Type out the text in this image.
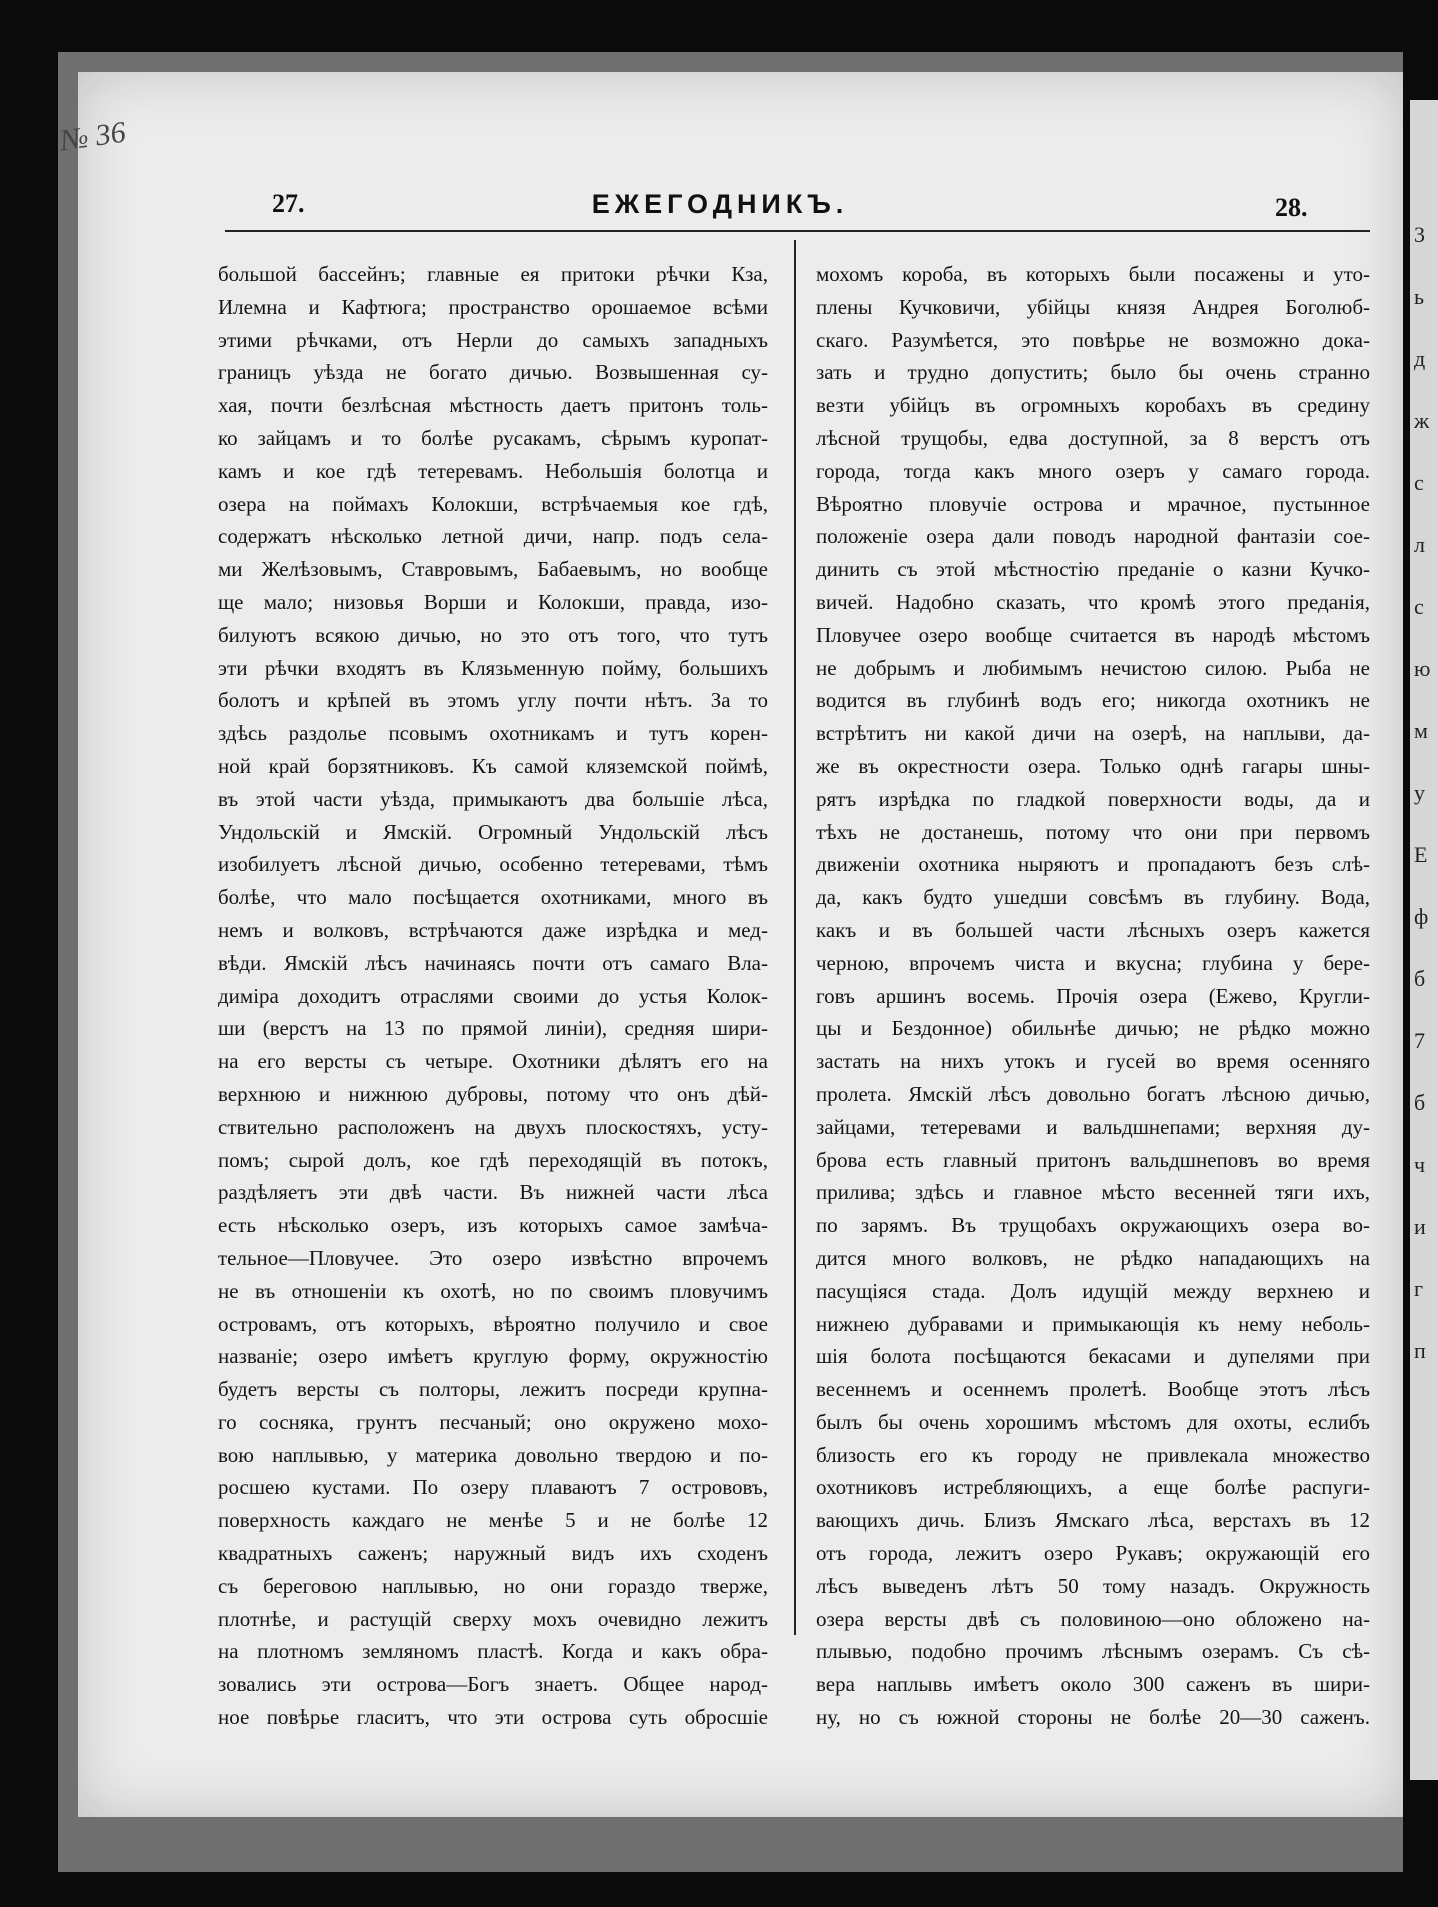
3
ь
д
ж
с
л
с
ю
м
у
Е
ф
б
7
б
ч
и
г
п
№ 36
27.	ЕЖЕГОДНИКЪ.	28.
большой бассейнъ; главные ея притоки рѣчки Кза,
Илемна и Кафтюга; пространство орошаемое всѣми
этими рѣчками, отъ Нерли до самыхъ западныхъ
границъ уѣзда не богато дичью. Возвышенная су-
хая, почти безлѣсная мѣстность даетъ притонъ толь-
ко зайцамъ и то болѣе русакамъ, сѣрымъ куропат-
камъ и кое гдѣ тетеревамъ. Небольшія болотца и
озера на поймахъ Колокши, встрѣчаемыя кое гдѣ,
содержатъ нѣсколько летной дичи, напр. подъ села-
ми Желѣзовымъ, Ставровымъ, Бабаевымъ, но вообще
ще мало; низовья Ворши и Колокши, правда, изо-
билуютъ всякою дичью, но это отъ того, что тутъ
эти рѣчки входятъ въ Клязьменную пойму, большихъ
болотъ и крѣпей въ этомъ углу почти нѣтъ. За то
здѣсь раздолье псовымъ охотникамъ и тутъ корен-
ной край борзятниковъ. Къ самой кляземской поймѣ,
въ этой части уѣзда, примыкаютъ два большіе лѣса,
Ундольскій и Ямскій. Огромный Ундольскій лѣсъ
изобилуетъ лѣсной дичью, особенно тетеревами, тѣмъ
болѣе, что мало посѣщается охотниками, много въ
немъ и волковъ, встрѣчаются даже изрѣдка и мед-
вѣди. Ямскій лѣсъ начинаясь почти отъ самаго Вла-
диміра доходитъ отраслями своими до устья Колок-
ши (верстъ на 13 по прямой линіи), средняя шири-
на его версты съ четыре. Охотники дѣлятъ его на
верхнюю и нижнюю дубровы, потому что онъ дѣй-
ствительно расположенъ на двухъ плоскостяхъ, усту-
помъ; сырой долъ, кое гдѣ переходящій въ потокъ,
раздѣляетъ эти двѣ части. Въ нижней части лѣса
есть нѣсколько озеръ, изъ которыхъ самое замѣча-
тельное—Пловучее. Это озеро извѣстно впрочемъ
не въ отношеніи къ охотѣ, но по своимъ пловучимъ
островамъ, отъ которыхъ, вѣроятно получило и свое
названіе; озеро имѣетъ круглую форму, окружностію
будетъ версты съ полторы, лежитъ посреди крупна-
го сосняка, грунтъ песчаный; оно окружено мохо-
вою наплывью, у материка довольно твердою и по-
росшею кустами. По озеру плаваютъ 7 острововъ,
поверхность каждаго не менѣе 5 и не болѣе 12
квадратныхъ саженъ; наружный видъ ихъ сходенъ
съ береговою наплывью, но они гораздо тверже,
плотнѣе, и растущій сверху мохъ очевидно лежитъ
на плотномъ земляномъ пластѣ. Когда и какъ обра-
зовались эти острова—Богъ знаетъ. Общее народ-
ное повѣрье гласитъ, что эти острова суть обросшіе
мохомъ короба, въ которыхъ были посажены и уто-
плены Кучковичи, убійцы князя Андрея Боголюб-
скаго. Разумѣется, это повѣрье не возможно дока-
зать и трудно допустить; было бы очень странно
везти убійцъ въ огромныхъ коробахъ въ средину
лѣсной трущобы, едва доступной, за 8 верстъ отъ
города, тогда какъ много озеръ у самаго города.
Вѣроятно пловучіе острова и мрачное, пустынное
положеніе озера дали поводъ народной фантазіи сое-
динить съ этой мѣстностію преданіе о казни Кучко-
вичей. Надобно сказать, что кромѣ этого преданія,
Пловучее озеро вообще считается въ народѣ мѣстомъ
не добрымъ и любимымъ нечистою силою. Рыба не
водится въ глубинѣ водъ его; никогда охотникъ не
встрѣтитъ ни какой дичи на озерѣ, на наплыви, да-
же въ окрестности озера. Только однѣ гагары шны-
рятъ изрѣдка по гладкой поверхности воды, да и
тѣхъ не достанешь, потому что они при первомъ
движеніи охотника ныряютъ и пропадаютъ безъ слѣ-
да, какъ будто ушедши совсѣмъ въ глубину. Вода,
какъ и въ большей части лѣсныхъ озеръ кажется
черною, впрочемъ чиста и вкусна; глубина у бере-
говъ аршинъ восемь. Прочія озера (Ежево, Кругли-
цы и Бездонное) обильнѣе дичью; не рѣдко можно
застать на нихъ утокъ и гусей во время осенняго
пролета. Ямскій лѣсъ довольно богатъ лѣсною дичью,
зайцами, тетеревами и вальдшнепами; верхняя ду-
брова есть главный притонъ вальдшнеповъ во время
прилива; здѣсь и главное мѣсто весенней тяги ихъ,
по зарямъ. Въ трущобахъ окружающихъ озера во-
дится много волковъ, не рѣдко нападающихъ на
пасущіяся стада. Долъ идущій между верхнею и
нижнею дубравами и примыкающія къ нему неболь-
шія болота посѣщаются бекасами и дупелями при
весеннемъ и осеннемъ пролетѣ. Вообще этотъ лѣсъ
былъ бы очень хорошимъ мѣстомъ для охоты, еслибъ
близость его къ городу не привлекала множество
охотниковъ истребляющихъ, а еще болѣе распуги-
вающихъ дичь. Близъ Ямскаго лѣса, верстахъ въ 12
отъ города, лежитъ озеро Рукавъ; окружающій его
лѣсъ выведенъ лѣтъ 50 тому назадъ. Окружность
озера версты двѣ съ половиною—оно обложено на-
плывью, подобно прочимъ лѣснымъ озерамъ. Съ сѣ-
вера наплывь имѣетъ около 300 саженъ въ шири-
ну, но съ южной стороны не болѣе 20—30 саженъ.
